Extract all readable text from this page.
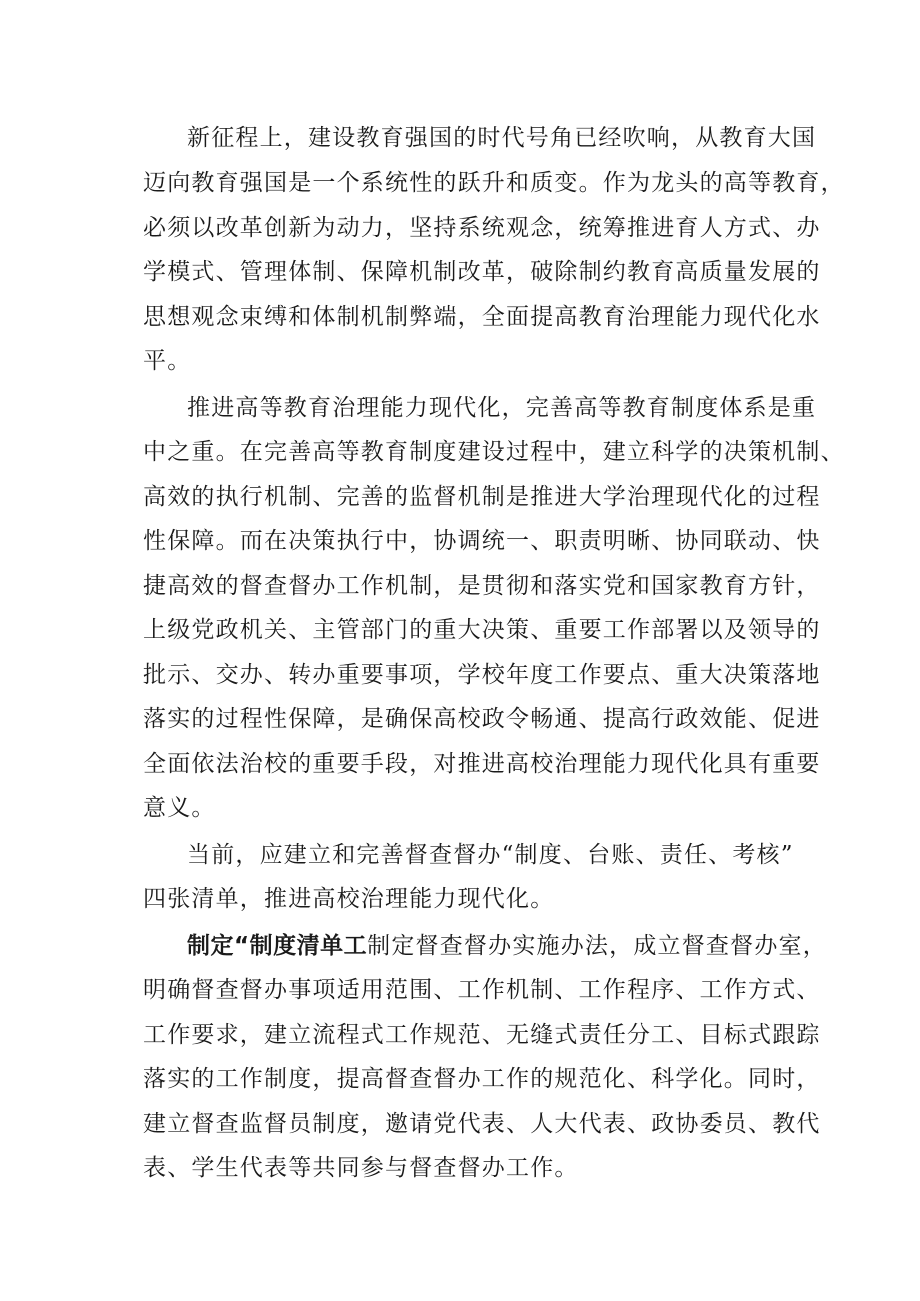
新征程上，建设教育强国的时代号角已经吹响，从教育大国
迈向教育强国是一个系统性的跃升和质变。作为龙头的高等教育，
必须以改革创新为动力，坚持系统观念，统筹推进育人方式、办
学模式、管理体制、保障机制改革，破除制约教育高质量发展的
思想观念束缚和体制机制弊端，全面提高教育治理能力现代化水
平。
推进高等教育治理能力现代化，完善高等教育制度体系是重
中之重。在完善高等教育制度建设过程中，建立科学的决策机制、
高效的执行机制、完善的监督机制是推进大学治理现代化的过程
性保障。而在决策执行中，协调统一、职责明晰、协同联动、快
捷高效的督查督办工作机制，是贯彻和落实党和国家教育方针，
上级党政机关、主管部门的重大决策、重要工作部署以及领导的
批示、交办、转办重要事项，学校年度工作要点、重大决策落地
落实的过程性保障，是确保高校政令畅通、提高行政效能、促进
全面依法治校的重要手段，对推进高校治理能力现代化具有重要
意义。
当前，应建立和完善督查督办“制度、台账、责任、考核”
四张清单，推进高校治理能力现代化。
制定“制度清单工制定督查督办实施办法，成立督查督办室，
明确督查督办事项适用范围、工作机制、工作程序、工作方式、
工作要求，建立流程式工作规范、无缝式责任分工、目标式跟踪
落实的工作制度，提高督查督办工作的规范化、科学化。同时，
建立督查监督员制度，邀请党代表、人大代表、政协委员、教代
表、学生代表等共同参与督查督办工作。
